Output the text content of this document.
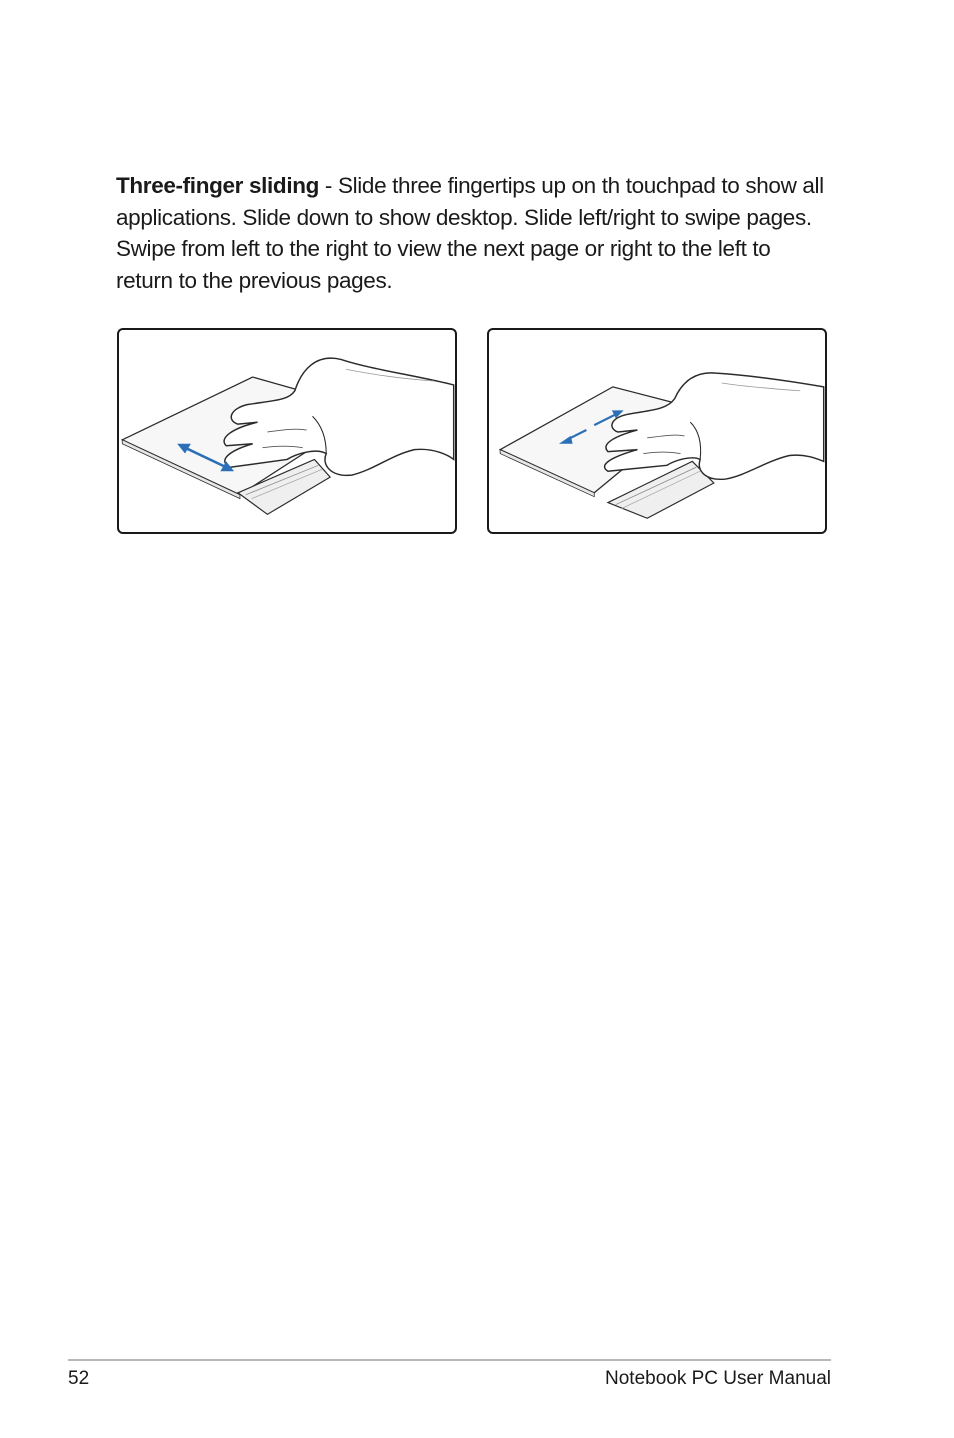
Three-finger sliding - Slide three fingertips up on th touchpad to show all applications. Slide down to show desktop. Slide left/right to swipe pages. Swipe from left to the right to view the next page or right to the left to return to the previous pages.

52	Notebook PC User Manual
